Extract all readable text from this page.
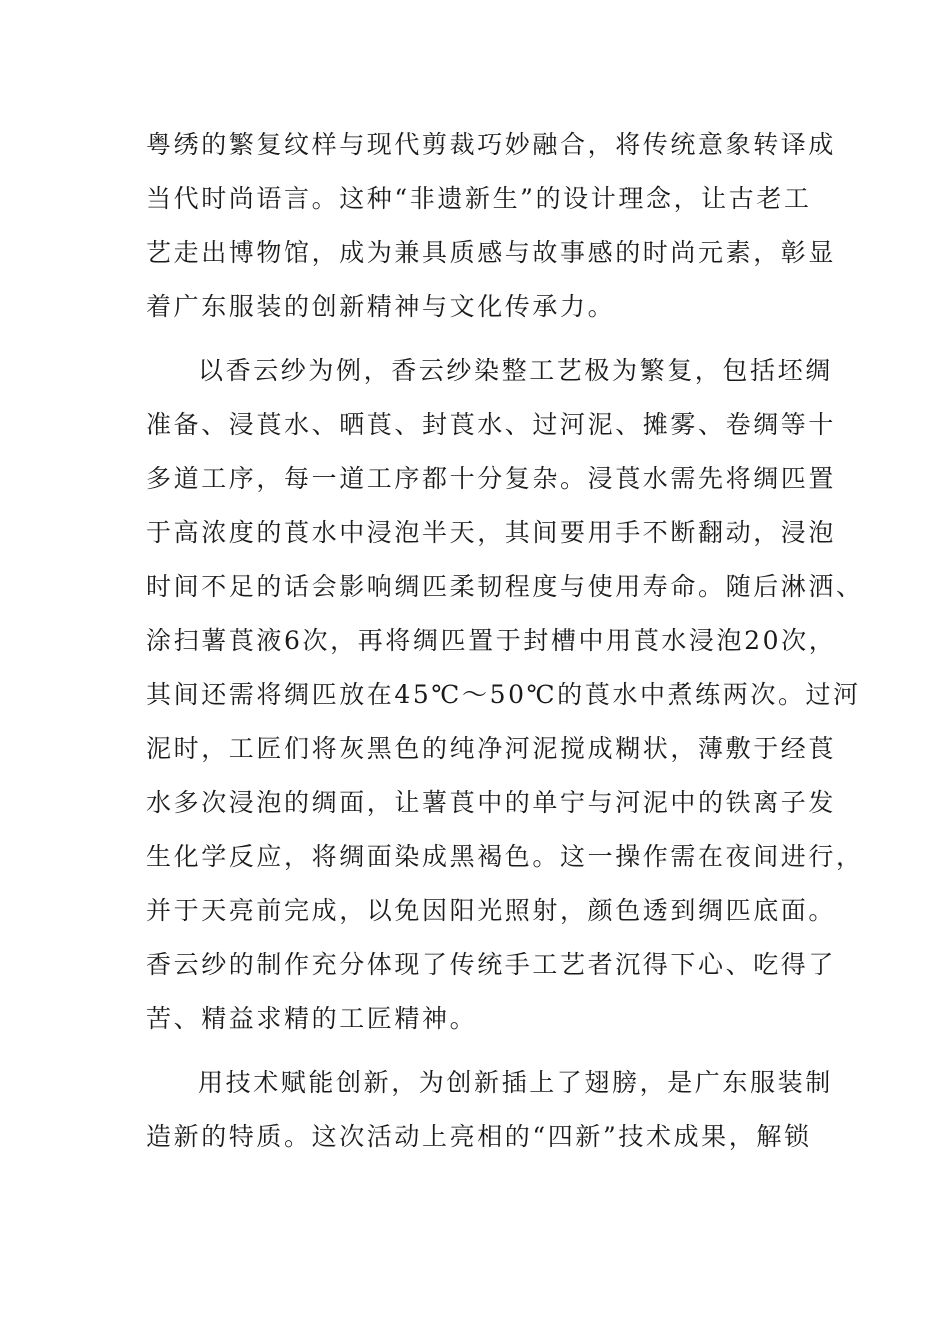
粤绣的繁复纹样与现代剪裁巧妙融合，将传统意象转译成
当代时尚语言。这种“非遗新生”的设计理念，让古老工
艺走出博物馆，成为兼具质感与故事感的时尚元素，彰显
着广东服装的创新精神与文化传承力。
以香云纱为例，香云纱染整工艺极为繁复，包括坯绸
准备、浸莨水、晒莨、封莨水、过河泥、摊雾、卷绸等十
多道工序，每一道工序都十分复杂。浸莨水需先将绸匹置
于高浓度的莨水中浸泡半天，其间要用手不断翻动，浸泡
时间不足的话会影响绸匹柔韧程度与使用寿命。随后淋洒、
涂扫薯莨液6次，再将绸匹置于封槽中用莨水浸泡20次，
其间还需将绸匹放在45℃～50℃的莨水中煮练两次。过河
泥时，工匠们将灰黑色的纯净河泥搅成糊状，薄敷于经莨
水多次浸泡的绸面，让薯莨中的单宁与河泥中的铁离子发
生化学反应，将绸面染成黑褐色。这一操作需在夜间进行，
并于天亮前完成，以免因阳光照射，颜色透到绸匹底面。
香云纱的制作充分体现了传统手工艺者沉得下心、吃得了
苦、精益求精的工匠精神。
用技术赋能创新，为创新插上了翅膀，是广东服装制
造新的特质。这次活动上亮相的“四新”技术成果，解锁
